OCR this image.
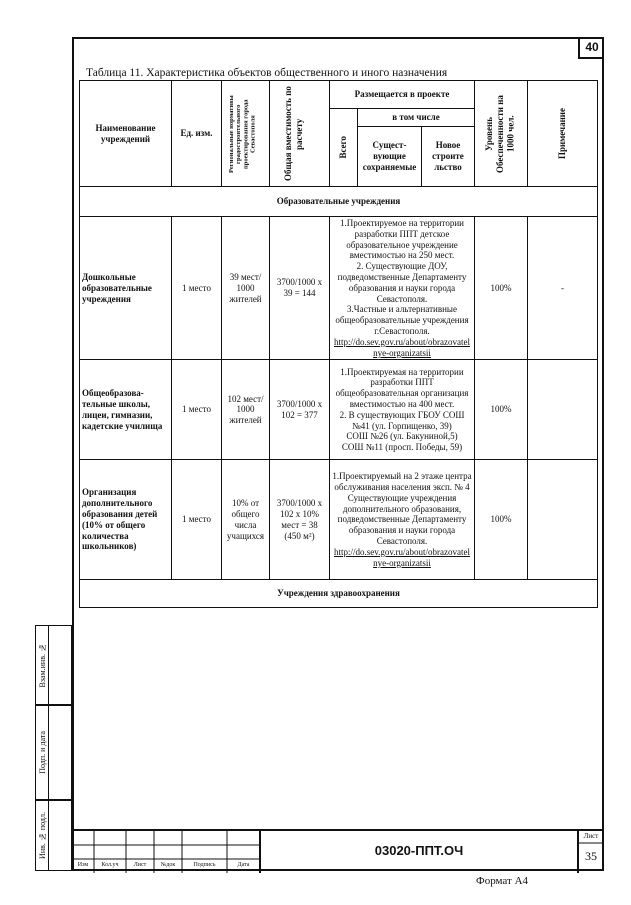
40
Таблица 11. Характеристика объектов общественного и иного назначения
Наименование учреждений	Ед. изм.	Региональные нормативы градостроительного проектирования города Севастополя	Общая вместимость по расчету	Размещается в проекте			Уровень Обеспеченности на 1000 чел.	Примечание

				Всего	в том числе			
					Сущест-вующие сохраняемые	Новое строите льство		
Образовательные учреждения								
Дошкольные образовательные учреждения	1 место	39 мест/ 1000 жителей	3700/1000 х 39 = 144	1.Проектируемое на территории разработки ППТ детское образовательное учреждение вместимостью на 250 мест.
2. Существующие ДОУ, подведомственные Департаменту образования и науки города Севастополя.
3.Частные и альтернативные общеобразовательные учреждения г.Севастополя.
http://do.sev.gov.ru/about/obrazovatelnye-organizatsii			100%	-
Общеобразова-тельные школы, лицеи, гимназии, кадетские училища	1 место	102 мест/ 1000 жителей	3700/1000 х 102 = 377	1.Проектируемая на территории разработки ППТ общеобразовательная организация вместимостью на 400 мест.
2. В существующих ГБОУ СОШ №41 (ул. Горпищенко, 39)
СОШ №26 (ул. Бакуниной,5)
СОШ №11 (просп. Победы, 59)			100%	
Организация дополнительного образования детей (10% от общего количества школьников)	1 место	10% от общего числа учащихся	3700/1000 х 102 х 10% мест = 38 (450 м²)	1.Проектируемый на 2 этаже центра обслуживания населения эксп. № 4
Существующие учреждения дополнительного образования, подведомственные Департаменту образования и науки города Севастополя.
http://do.sev.gov.ru/about/obrazovatelnye-organizatsii			100%	
Учреждения здравоохранения								
Взам.инв. №
Подп. и дата
Инв. № подл.
Изм	Кол.уч	Лист	№док	Подпись	Дата
03020-ППТ.ОЧ
Лист
35
Формат А4
